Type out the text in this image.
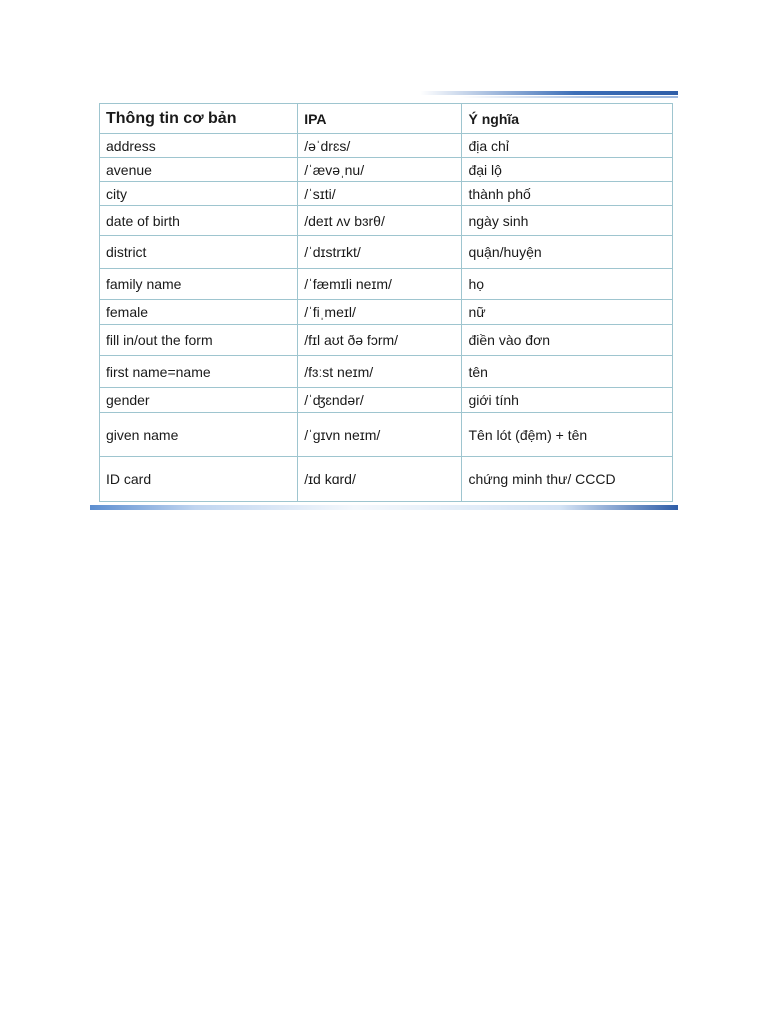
Thông tin cơ bản	IPA	Ý nghĩa
address	/əˈdrɛs/	địa chỉ
avenue	/ˈævəˌnu/	đại lộ
city	/ˈsɪti/	thành phố
date of birth	/deɪt ʌv bɜrθ/	ngày sinh
district	/ˈdɪstrɪkt/	quận/huyện
family name	/ˈfæmɪli neɪm/	họ
female	/ˈfiˌmeɪl/	nữ
fill in/out the form	/fɪl aʊt ðə fɔrm/	điền vào đơn
first name=name	/fɜːst neɪm/	tên
gender	/ˈʤɛndər/	giới tính
given name	/ˈgɪvn neɪm/	Tên lót (đệm) + tên
ID card	/ɪd kɑrd/	chứng minh thư/ CCCD
